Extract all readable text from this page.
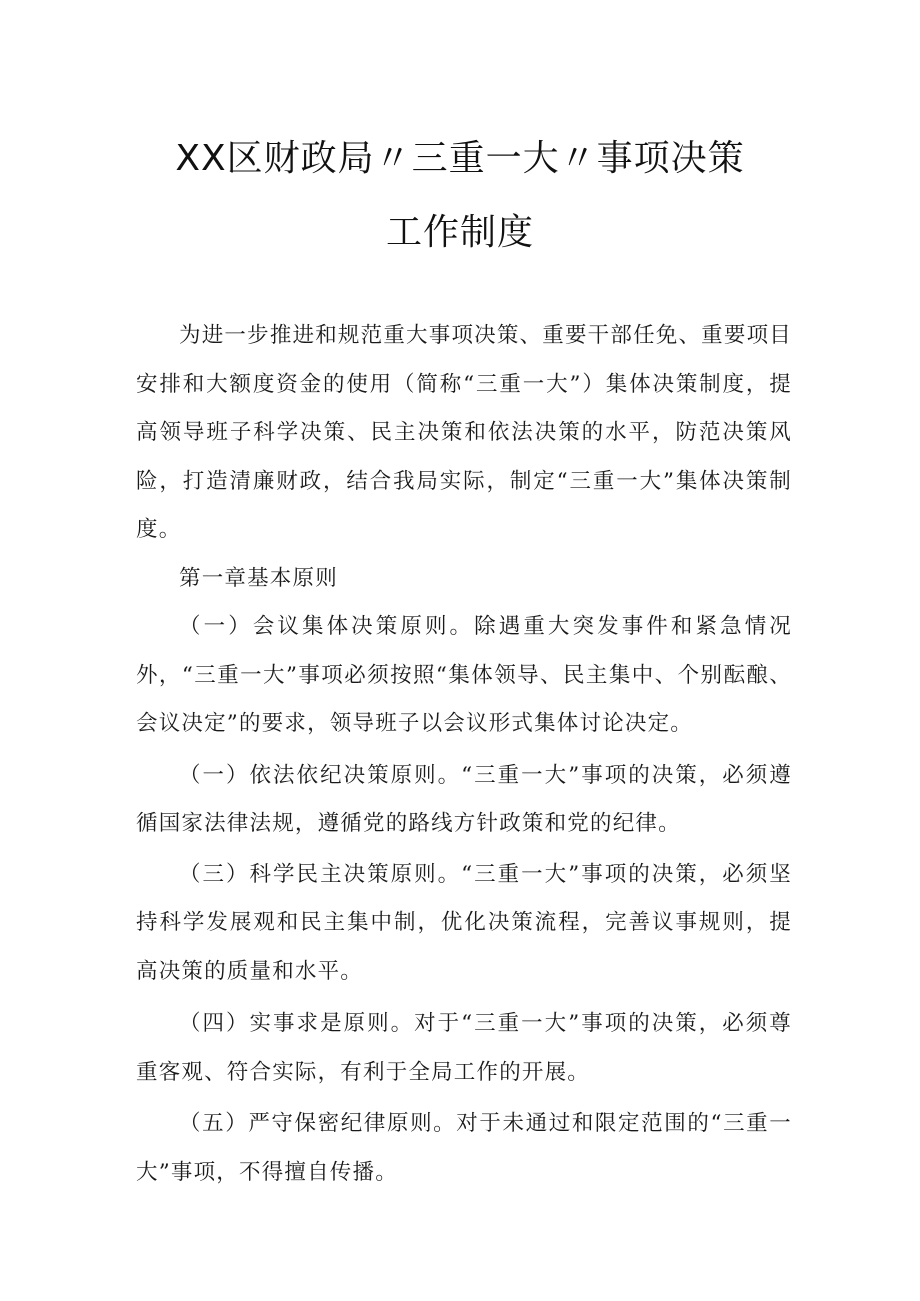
XX区财政局〃三重一大〃事项决策
工作制度

为进一步推进和规范重大事项决策、重要干部任免、重要项目安排和大额度资金的使用（简称“三重一大”）集体决策制度，提高领导班子科学决策、民主决策和依法决策的水平，防范决策风险，打造清廉财政，结合我局实际，制定“三重一大”集体决策制度。

第一章基本原则

（一）会议集体决策原则。除遇重大突发事件和紧急情况外，“三重一大”事项必须按照“集体领导、民主集中、个别酝酿、会议决定”的要求，领导班子以会议形式集体讨论决定。

（一）依法依纪决策原则。“三重一大”事项的决策，必须遵循国家法律法规，遵循党的路线方针政策和党的纪律。

（三）科学民主决策原则。“三重一大”事项的决策，必须坚持科学发展观和民主集中制，优化决策流程，完善议事规则，提高决策的质量和水平。

（四）实事求是原则。对于“三重一大”事项的决策，必须尊重客观、符合实际，有利于全局工作的开展。

（五）严守保密纪律原则。对于未通过和限定范围的“三重一大”事项，不得擅自传播。
